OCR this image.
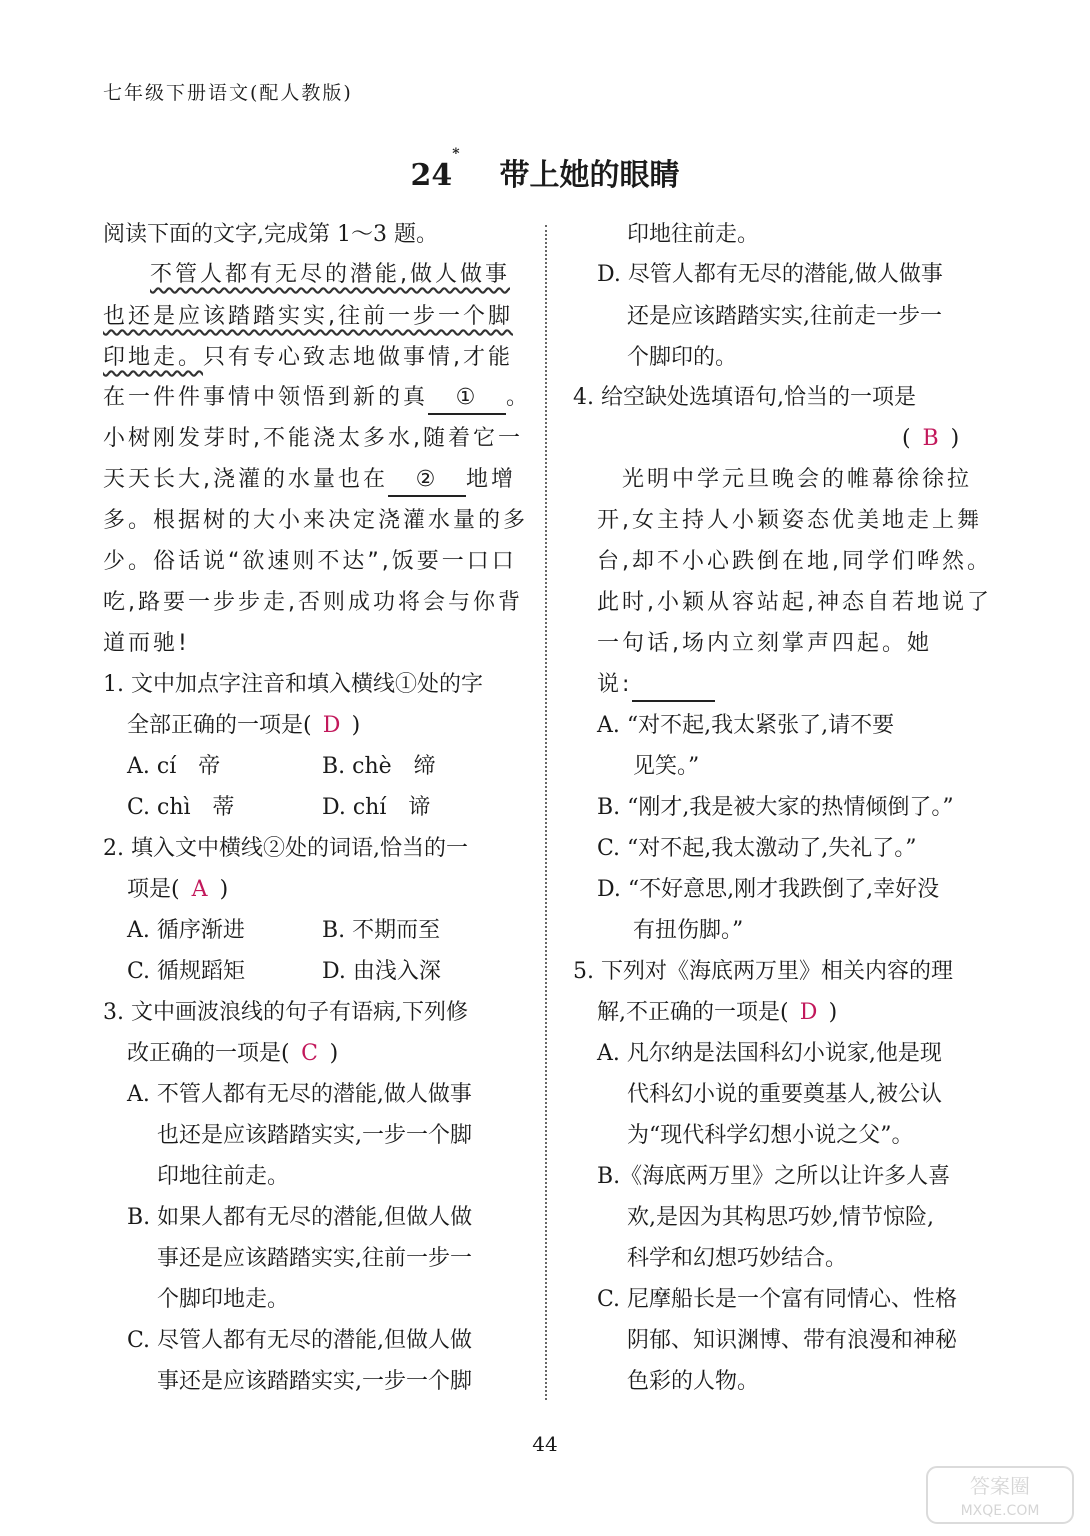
七年级下册语文(配人教版)
24*带上她的眼睛
阅读下面的文字,完成第 1～3 题。
不管人都有无尽的潜能,做人做事
也还是应该踏踏实实,往前一步一个脚
印地走。只有专心致志地做事情,才能
在一件件事情中领悟到新的真 ① 。
小树刚发芽时,不能浇太多水,随着它一
天天长大,浇灌的水量也在 ② 地增
多。根据树的大小来决定浇灌水量的多
少。俗话说“欲速则不达”,饭要一口口
吃,路要一步步走,否则成功将会与你背
道而驰!
1. 文中加点字注音和填入横线①处的字
全部正确的一项是( D )
A. cí　帝	B. chè　缔
C. chì　蒂	D. chí　谛
2. 填入文中横线②处的词语,恰当的一
项是( A )
A. 循序渐进	B. 不期而至
C. 循规蹈矩	D. 由浅入深
3. 文中画波浪线的句子有语病,下列修
改正确的一项是( C )
A. 不管人都有无尽的潜能,做人做事
也还是应该踏踏实实,一步一个脚
印地往前走。
B. 如果人都有无尽的潜能,但做人做
事还是应该踏踏实实,往前一步一
个脚印地走。
C. 尽管人都有无尽的潜能,但做人做
事还是应该踏踏实实,一步一个脚
印地往前走。
D. 尽管人都有无尽的潜能,做人做事
还是应该踏踏实实,往前走一步一
个脚印的。
4. 给空缺处选填语句,恰当的一项是
( B )
光明中学元旦晚会的帷幕徐徐拉
开,女主持人小颖姿态优美地走上舞
台,却不小心跌倒在地,同学们哗然。
此时,小颖从容站起,神态自若地说了
一句话,场内立刻掌声四起。她
说:　　　
A. “对不起,我太紧张了,请不要
见笑。”
B. “刚才,我是被大家的热情倾倒了。”
C. “对不起,我太激动了,失礼了。”
D. “不好意思,刚才我跌倒了,幸好没
有扭伤脚。”
5. 下列对《海底两万里》相关内容的理
解,不正确的一项是( D )
A. 凡尔纳是法国科幻小说家,他是现
代科幻小说的重要奠基人,被公认
为“现代科学幻想小说之父”。
B.《海底两万里》之所以让许多人喜
欢,是因为其构思巧妙,情节惊险,
科学和幻想巧妙结合。
C. 尼摩船长是一个富有同情心、性格
阴郁、知识渊博、带有浪漫和神秘
色彩的人物。
44
答案圈
MXQE.COM
